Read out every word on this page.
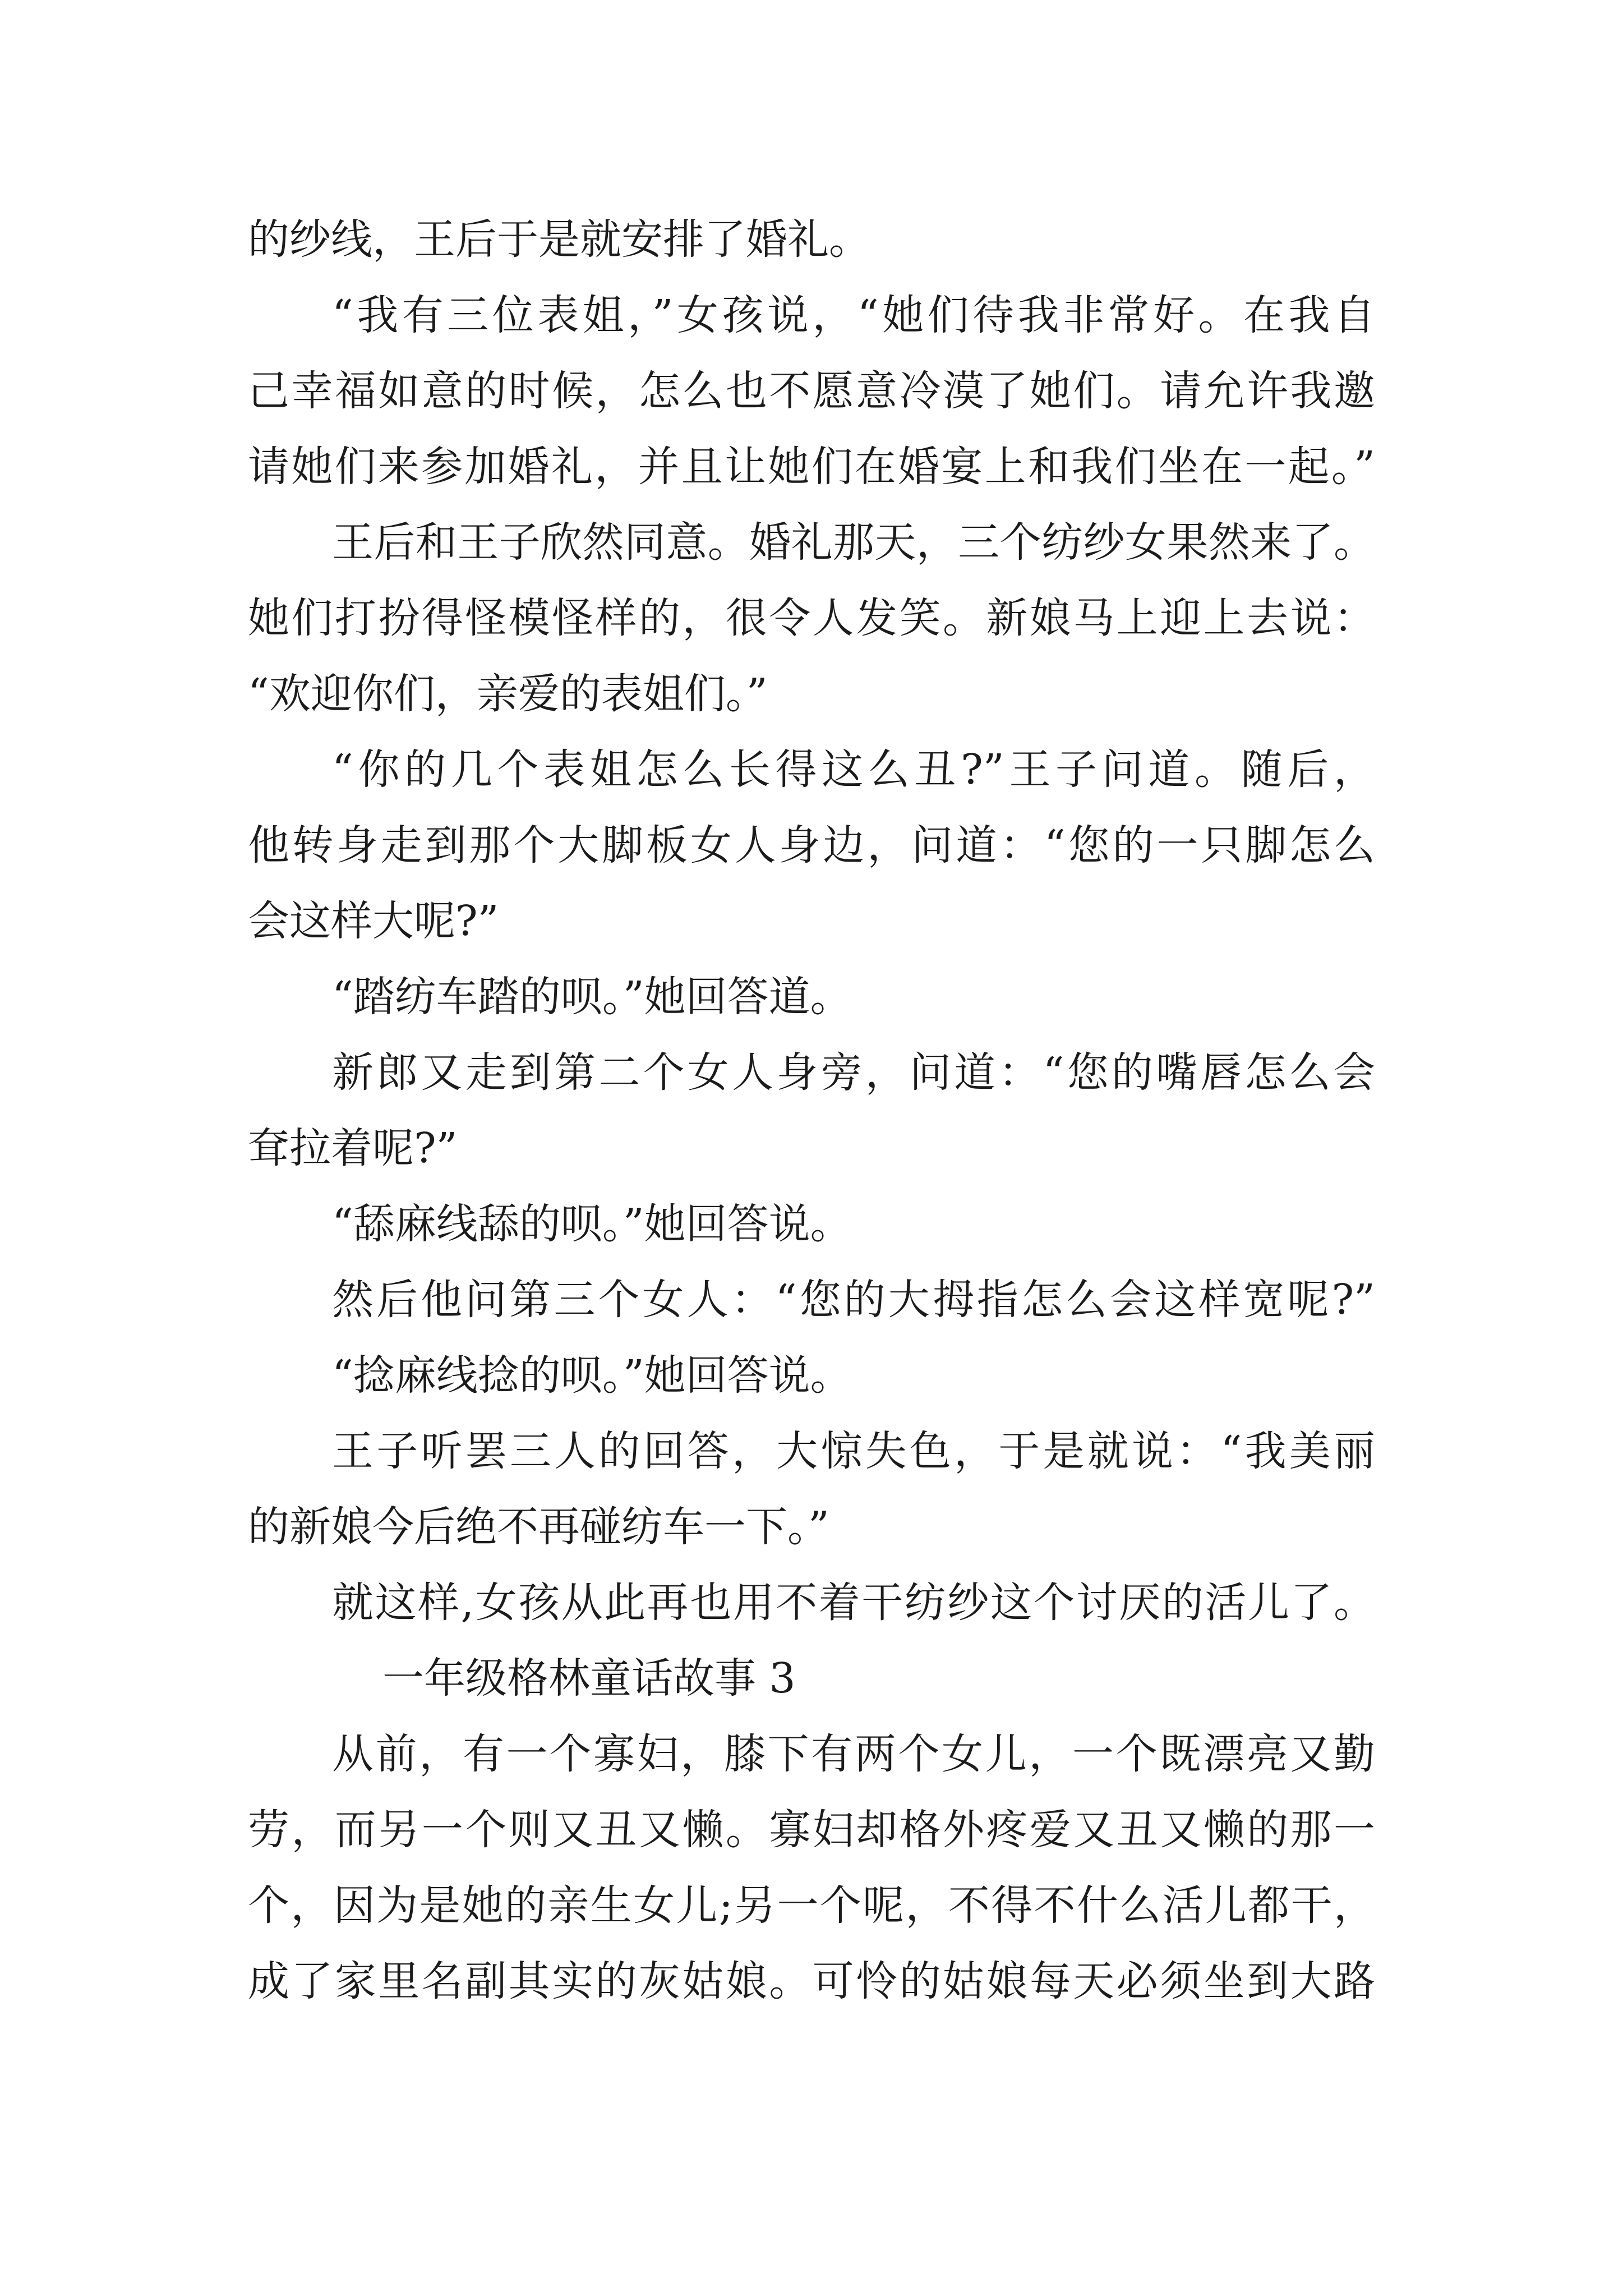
的纱线，王后于是就安排了婚礼。
“我有三位表姐，”女孩说，“她们待我非常好。在我自
己幸福如意的时候，怎么也不愿意冷漠了她们。请允许我邀
请她们来参加婚礼，并且让她们在婚宴上和我们坐在一起。”
王后和王子欣然同意。婚礼那天，三个纺纱女果然来了。
她们打扮得怪模怪样的，很令人发笑。新娘马上迎上去说：
“欢迎你们，亲爱的表姐们。”
“你的几个表姐怎么长得这么丑?”王子问道。随后，
他转身走到那个大脚板女人身边，问道：“您的一只脚怎么
会这样大呢?”
“踏纺车踏的呗。”她回答道。
新郎又走到第二个女人身旁，问道：“您的嘴唇怎么会
耷拉着呢?”
“舔麻线舔的呗。”她回答说。
然后他问第三个女人：“您的大拇指怎么会这样宽呢?”
“捻麻线捻的呗。”她回答说。
王子听罢三人的回答，大惊失色，于是就说：“我美丽
的新娘今后绝不再碰纺车一下。”
就这样,女孩从此再也用不着干纺纱这个讨厌的活儿了。
一年级格林童话故事 3
从前，有一个寡妇，膝下有两个女儿，一个既漂亮又勤
劳，而另一个则又丑又懒。寡妇却格外疼爱又丑又懒的那一
个，因为是她的亲生女儿;另一个呢，不得不什么活儿都干，
成了家里名副其实的灰姑娘。可怜的姑娘每天必须坐到大路
